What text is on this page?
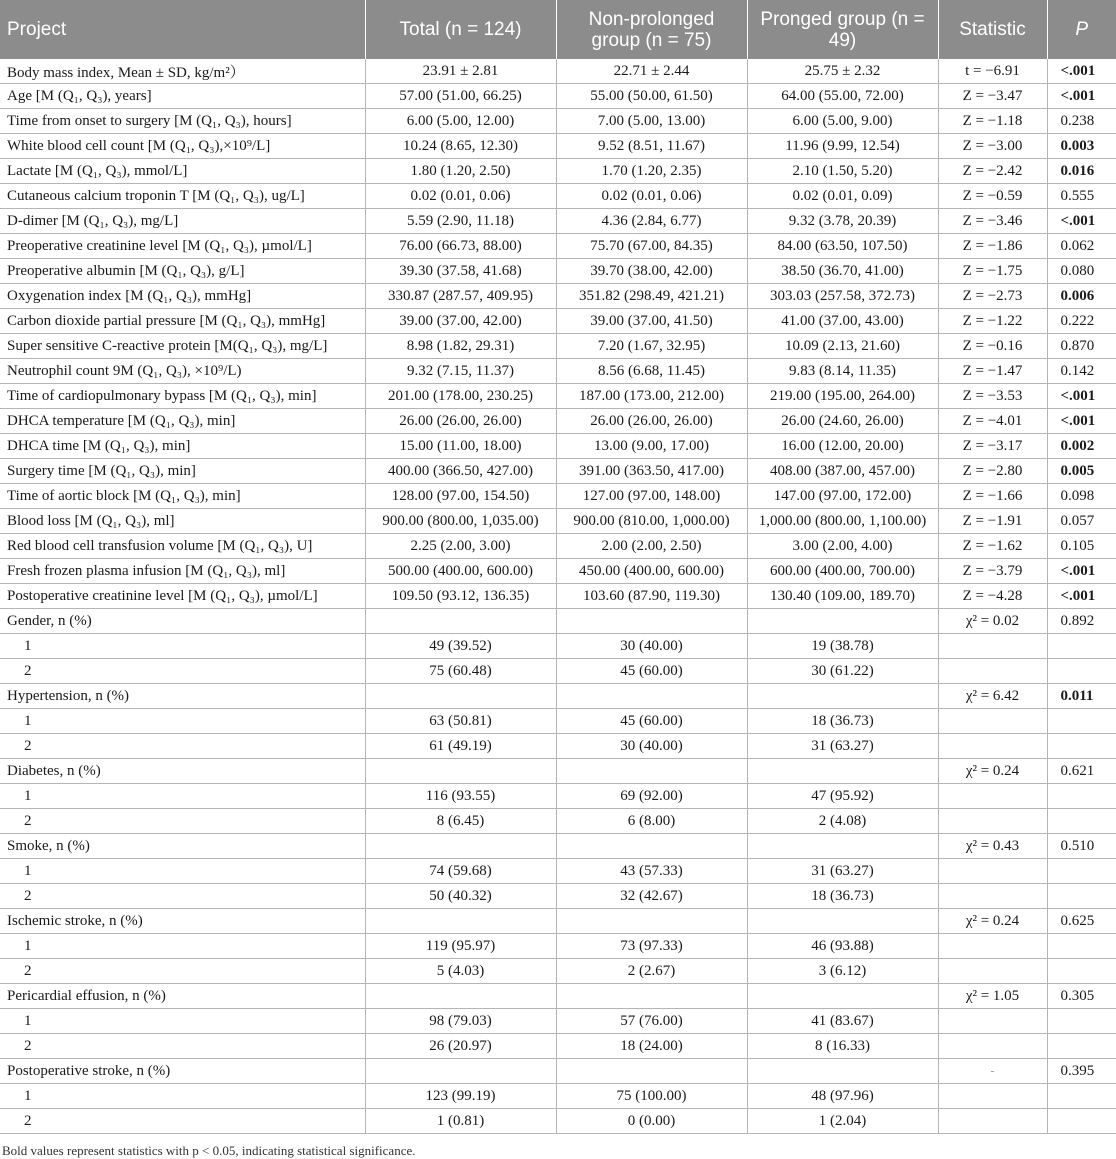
Project	Total (n = 124)	Non-prolonged group (n = 75)	Pronged group (n = 49)	Statistic	P
Body mass index, Mean ± SD, kg/m²）	23.91 ± 2.81	22.71 ± 2.44	25.75 ± 2.32	t = −6.91	<.001
Age [M (Q₁, Q₃), years]	57.00 (51.00, 66.25)	55.00 (50.00, 61.50)	64.00 (55.00, 72.00)	Z = −3.47	<.001
Time from onset to surgery [M (Q₁, Q₃), hours]	6.00 (5.00, 12.00)	7.00 (5.00, 13.00)	6.00 (5.00, 9.00)	Z = −1.18	0.238
White blood cell count [M (Q₁, Q₃),×10⁹/L]	10.24 (8.65, 12.30)	9.52 (8.51, 11.67)	11.96 (9.99, 12.54)	Z = −3.00	0.003
Lactate [M (Q₁, Q₃), mmol/L]	1.80 (1.20, 2.50)	1.70 (1.20, 2.35)	2.10 (1.50, 5.20)	Z = −2.42	0.016
Cutaneous calcium troponin T [M (Q₁, Q₃), ug/L]	0.02 (0.01, 0.06)	0.02 (0.01, 0.06)	0.02 (0.01, 0.09)	Z = −0.59	0.555
D-dimer [M (Q₁, Q₃), mg/L]	5.59 (2.90, 11.18)	4.36 (2.84, 6.77)	9.32 (3.78, 20.39)	Z = −3.46	<.001
Preoperative creatinine level [M (Q₁, Q₃), µmol/L]	76.00 (66.73, 88.00)	75.70 (67.00, 84.35)	84.00 (63.50, 107.50)	Z = −1.86	0.062
Preoperative albumin [M (Q₁, Q₃), g/L]	39.30 (37.58, 41.68)	39.70 (38.00, 42.00)	38.50 (36.70, 41.00)	Z = −1.75	0.080
Oxygenation index [M (Q₁, Q₃), mmHg]	330.87 (287.57, 409.95)	351.82 (298.49, 421.21)	303.03 (257.58, 372.73)	Z = −2.73	0.006
Carbon dioxide partial pressure [M (Q₁, Q₃), mmHg]	39.00 (37.00, 42.00)	39.00 (37.00, 41.50)	41.00 (37.00, 43.00)	Z = −1.22	0.222
Super sensitive C-reactive protein [M(Q₁, Q₃), mg/L]	8.98 (1.82, 29.31)	7.20 (1.67, 32.95)	10.09 (2.13, 21.60)	Z = −0.16	0.870
Neutrophil count 9M (Q₁, Q₃), ×10⁹/L)	9.32 (7.15, 11.37)	8.56 (6.68, 11.45)	9.83 (8.14, 11.35)	Z = −1.47	0.142
Time of cardiopulmonary bypass [M (Q₁, Q₃), min]	201.00 (178.00, 230.25)	187.00 (173.00, 212.00)	219.00 (195.00, 264.00)	Z = −3.53	<.001
DHCA temperature [M (Q₁, Q₃), min]	26.00 (26.00, 26.00)	26.00 (26.00, 26.00)	26.00 (24.60, 26.00)	Z = −4.01	<.001
DHCA time [M (Q₁, Q₃), min]	15.00 (11.00, 18.00)	13.00 (9.00, 17.00)	16.00 (12.00, 20.00)	Z = −3.17	0.002
Surgery time [M (Q₁, Q₃), min]	400.00 (366.50, 427.00)	391.00 (363.50, 417.00)	408.00 (387.00, 457.00)	Z = −2.80	0.005
Time of aortic block [M (Q₁, Q₃), min]	128.00 (97.00, 154.50)	127.00 (97.00, 148.00)	147.00 (97.00, 172.00)	Z = −1.66	0.098
Blood loss [M (Q₁, Q₃), ml]	900.00 (800.00, 1,035.00)	900.00 (810.00, 1,000.00)	1,000.00 (800.00, 1,100.00)	Z = −1.91	0.057
Red blood cell transfusion volume [M (Q₁, Q₃), U]	2.25 (2.00, 3.00)	2.00 (2.00, 2.50)	3.00 (2.00, 4.00)	Z = −1.62	0.105
Fresh frozen plasma infusion [M (Q₁, Q₃), ml]	500.00 (400.00, 600.00)	450.00 (400.00, 600.00)	600.00 (400.00, 700.00)	Z = −3.79	<.001
Postoperative creatinine level [M (Q₁, Q₃), µmol/L]	109.50 (93.12, 136.35)	103.60 (87.90, 119.30)	130.40 (109.00, 189.70)	Z = −4.28	<.001
Gender, n (%)				χ² = 0.02	0.892
1	49 (39.52)	30 (40.00)	19 (38.78)		
2	75 (60.48)	45 (60.00)	30 (61.22)		
Hypertension, n (%)				χ² = 6.42	0.011
1	63 (50.81)	45 (60.00)	18 (36.73)		
2	61 (49.19)	30 (40.00)	31 (63.27)		
Diabetes, n (%)				χ² = 0.24	0.621
1	116 (93.55)	69 (92.00)	47 (95.92)		
2	8 (6.45)	6 (8.00)	2 (4.08)		
Smoke, n (%)				χ² = 0.43	0.510
1	74 (59.68)	43 (57.33)	31 (63.27)		
2	50 (40.32)	32 (42.67)	18 (36.73)		
Ischemic stroke, n (%)				χ² = 0.24	0.625
1	119 (95.97)	73 (97.33)	46 (93.88)		
2	5 (4.03)	2 (2.67)	3 (6.12)		
Pericardial effusion, n (%)				χ² = 1.05	0.305
1	98 (79.03)	57 (76.00)	41 (83.67)		
2	26 (20.97)	18 (24.00)	8 (16.33)		
Postoperative stroke, n (%)				-	0.395
1	123 (99.19)	75 (100.00)	48 (97.96)		
2	1 (0.81)	0 (0.00)	1 (2.04)		
Bold values represent statistics with p < 0.05, indicating statistical significance.
